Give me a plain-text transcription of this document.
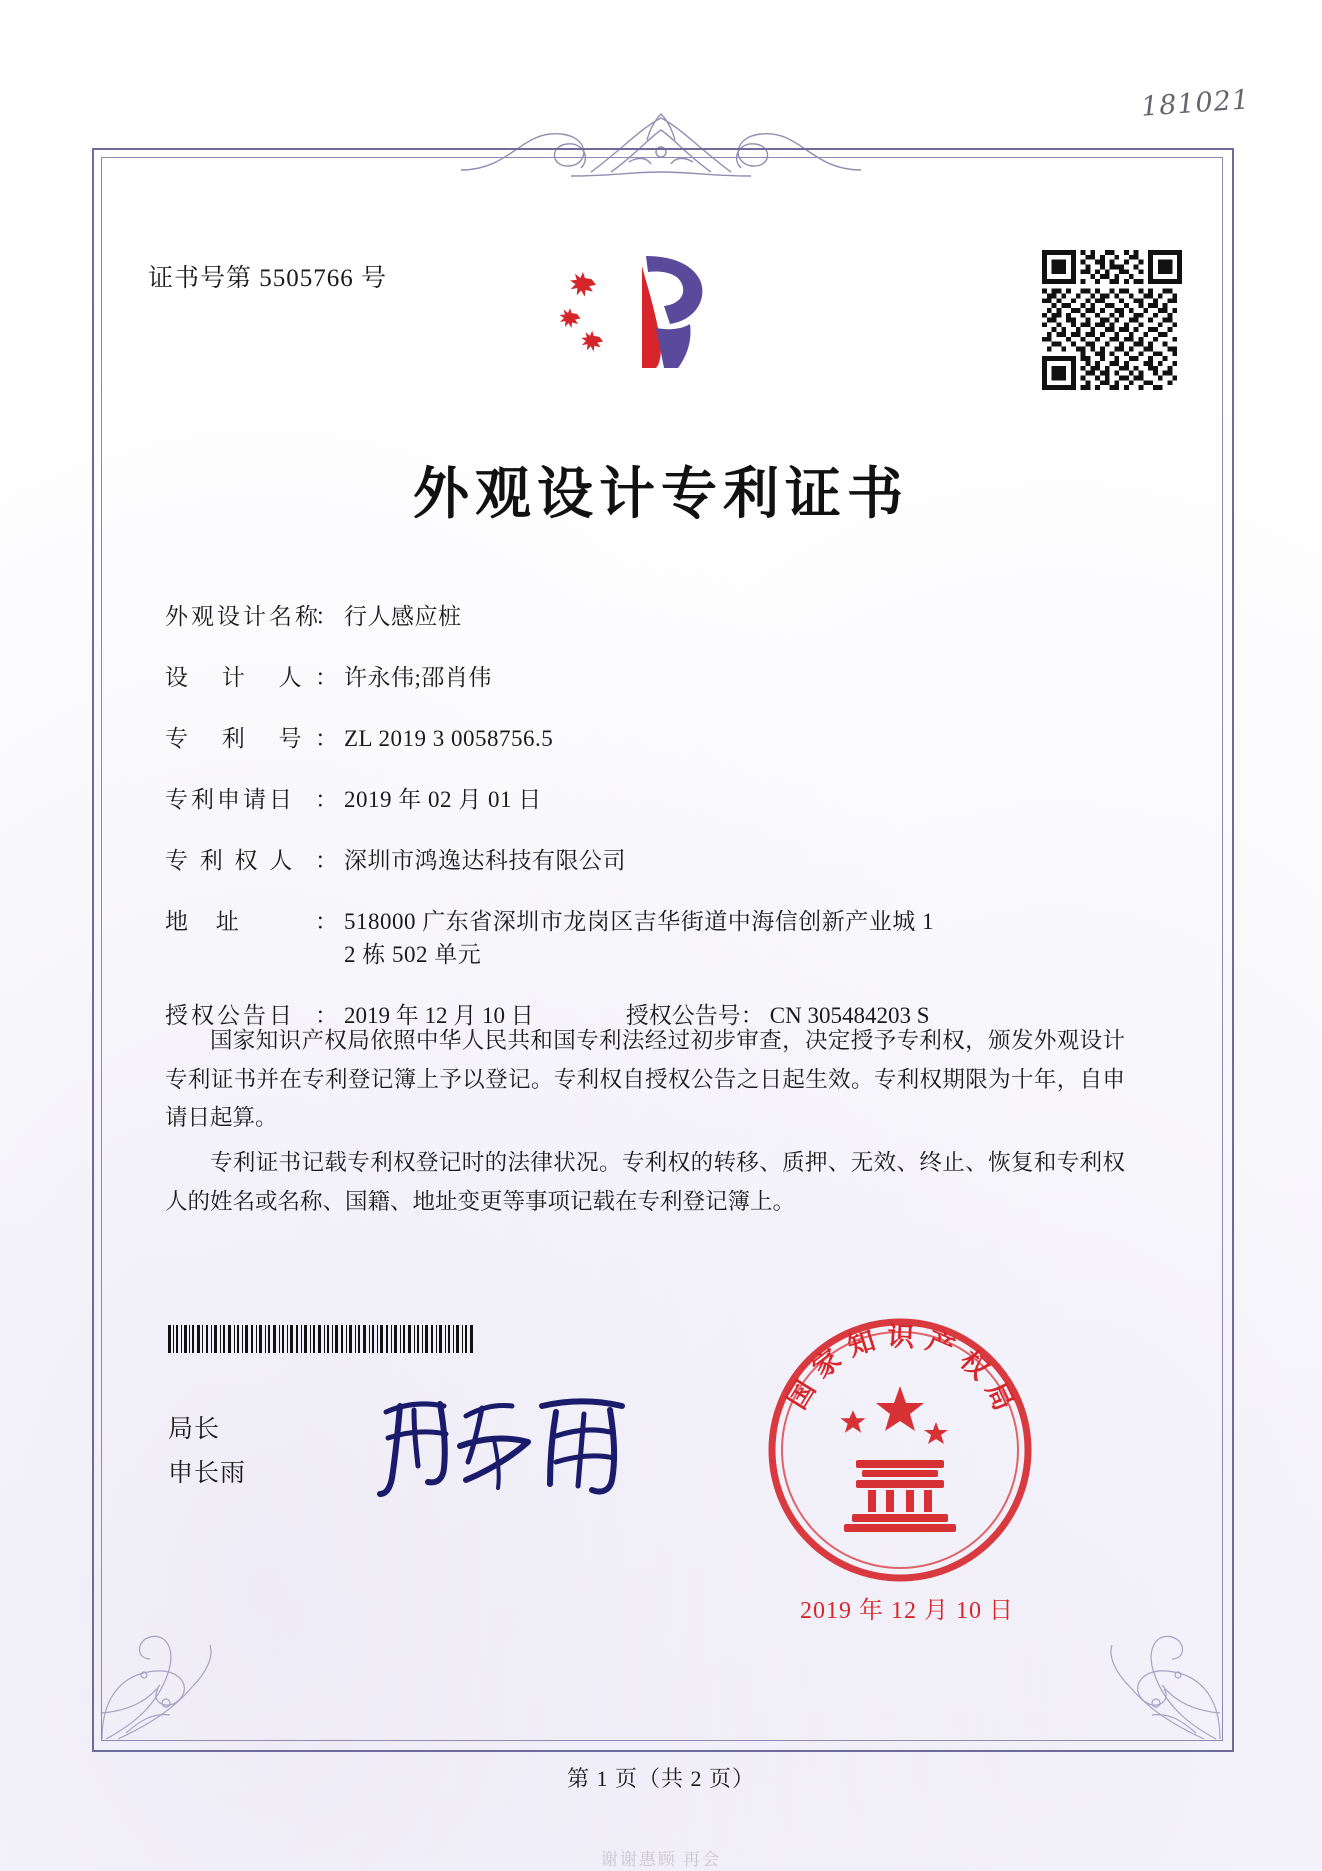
181021
证书号第 5505766 号
外观设计专利证书
外观设计名称
： 行人感应桩
设 计 人 ： 许永伟;邵肖伟
专 利 号 ： ZL 2019 3 0058756.5
专利申请日 ： 2019 年 02 月 01 日
专 利 权 人 ： 深圳市鸿逸达科技有限公司
地 址	： 518000 广东省深圳市龙岗区吉华街道中海信创新产业城 1
2 栋 502 单元
授权公告日 ： 2019 年 12 月 10 日	授权公告号 ： CN 305484203 S

国家知识产权局依照中华人民共和国专利法经过初步审查，决定授予专利权，颁发外观设计专利证书并在专利登记簿上予以登记。专利权自授权公告之日起生效。专利权期限为十年，自申请日起算。

专利证书记载专利权登记时的法律状况。专利权的转移、质押、无效、终止、恢复和专利权人的姓名或名称、国籍、地址变更等事项记载在专利登记簿上。

局长
申长雨
国家知识产权局
2019 年 12 月 10 日
第 1 页（共 2 页）
谢谢惠顾 再会
